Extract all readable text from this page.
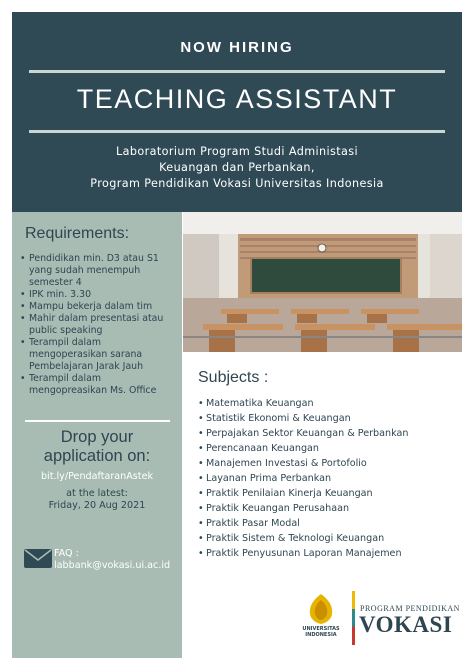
NOW HIRING
TEACHING ASSISTANT
Laboratorium Program Studi Administasi
Keuangan dan Perbankan,
Program Pendidikan Vokasi Universitas Indonesia
Requirements:
• Pendidikan min. D3 atau S1 yang sudah menempuh semester 4
• IPK min. 3.30
• Mampu bekerja dalam tim
• Mahir dalam presentasi atau public speaking
• Terampil dalam mengoperasikan sarana Pembelajaran Jarak Jauh
• Terampil dalam mengopreasikan Ms. Office
Drop your
application on:
bit.ly/PendaftaranAstek
at the latest:
Friday, 20 Aug 2021
FAQ :
labbank@vokasi.ui.ac.id
Subjects :
• Matematika Keuangan
• Statistik Ekonomi & Keuangan
• Perpajakan Sektor Keuangan & Perbankan
• Perencanaan Keuangan
• Manajemen Investasi & Portofolio
• Layanan Prima Perbankan
• Praktik Penilaian Kinerja Keuangan
• Praktik Keuangan Perusahaan
• Praktik Pasar Modal
• Praktik Sistem & Teknologi Keuangan
• Praktik Penyusunan Laporan Manajemen
UNIVERSITAS
INDONESIA
PROGRAM PENDIDIKAN
VOKASI
